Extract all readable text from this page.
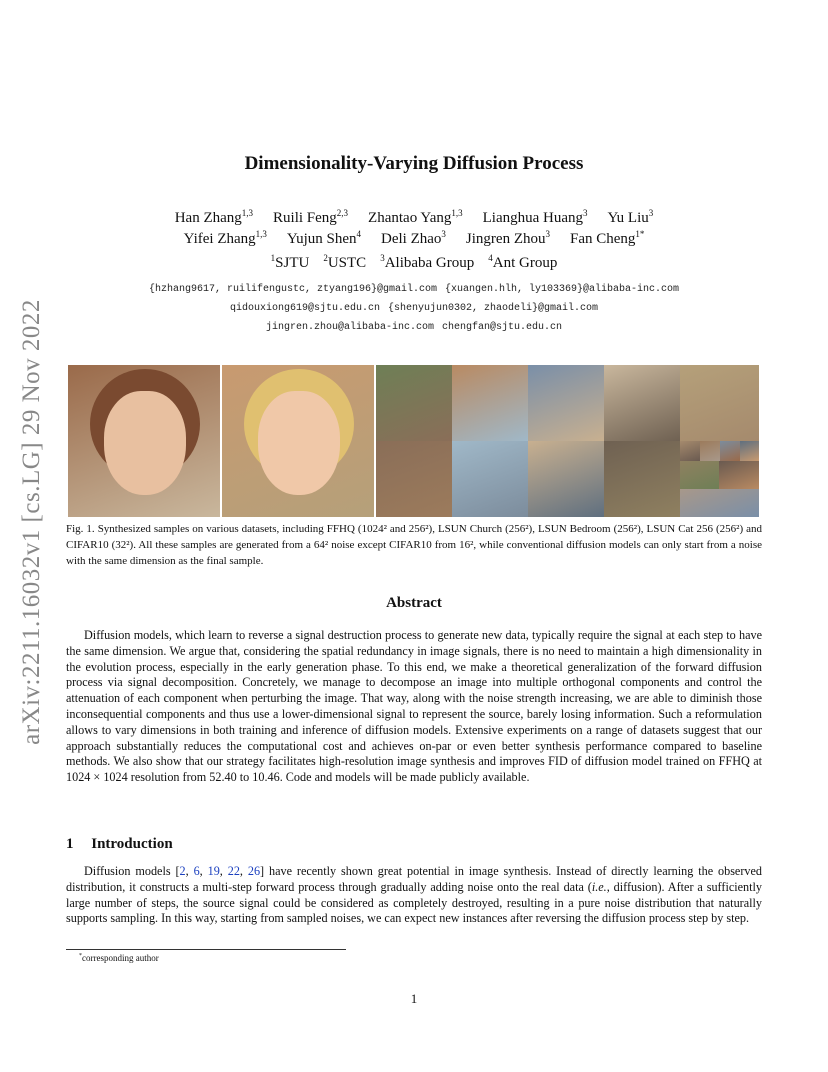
arXiv:2211.16032v1 [cs.LG] 29 Nov 2022
Dimensionality-Varying Diffusion Process
Han Zhang$^{1,3}$ Ruili Feng$^{2,3}$ Zhantao Yang$^{1,3}$ Lianghua Huang$^3$ Yu Liu$^3$
Yifei Zhang$^{1,3}$ Yujun Shen$^4$ Deli Zhao$^3$ Jingren Zhou$^3$ Fan Cheng$^{1*}$
$^1$SJTU $^2$USTC $^3$Alibaba Group $^4$Ant Group
{hzhang9617, ruilifengustc, ztyang196}@gmail.com {xuangen.hlh, ly103369}@alibaba-inc.com
qidouxiong619@sjtu.edu.cn {shenyujun0302, zhaodeli}@gmail.com
jingren.zhou@alibaba-inc.com chengfan@sjtu.edu.cn
Fig. 1. Synthesized samples on various datasets, including FFHQ (1024² and 256²), LSUN Church (256²), LSUN Bedroom (256²), LSUN Cat 256 (256²) and CIFAR10 (32²). All these samples are generated from a 64² noise except CIFAR10 from 16², while conventional diffusion models can only start from a noise with the same dimension as the final sample.
Abstract

Diffusion models, which learn to reverse a signal destruction process to generate new data, typically require the signal at each step to have the same dimension. We argue that, considering the spatial redundancy in image signals, there is no need to maintain a high dimensionality in the evolution process, especially in the early generation phase. To this end, we make a theoretical generalization of the forward diffusion process via signal decomposition. Concretely, we manage to decompose an image into multiple orthogonal components and control the attenuation of each component when perturbing the image. That way, along with the noise strength increasing, we are able to diminish those inconsequential components and thus use a lower-dimensional signal to represent the source, barely losing information. Such a reformulation allows to vary dimensions in both training and inference of diffusion models. Extensive experiments on a range of datasets suggest that our approach substantially reduces the computational cost and achieves on-par or even better synthesis performance compared to baseline methods. We also show that our strategy facilitates high-resolution image synthesis and improves FID of diffusion model trained on FFHQ at 1024 × 1024 resolution from 52.40 to 10.46. Code and models will be made publicly available.

1 Introduction

Diffusion models [2, 6, 19, 22, 26] have recently shown great potential in image synthesis. Instead of directly learning the observed distribution, it constructs a multi-step forward process through gradually adding noise onto the real data (i.e., diffusion). After a sufficiently large number of steps, the source signal could be considered as completely destroyed, resulting in a pure noise distribution that naturally supports sampling. In this way, starting from sampled noises, we can expect new instances after reversing the diffusion process step by step.

*corresponding author
1
